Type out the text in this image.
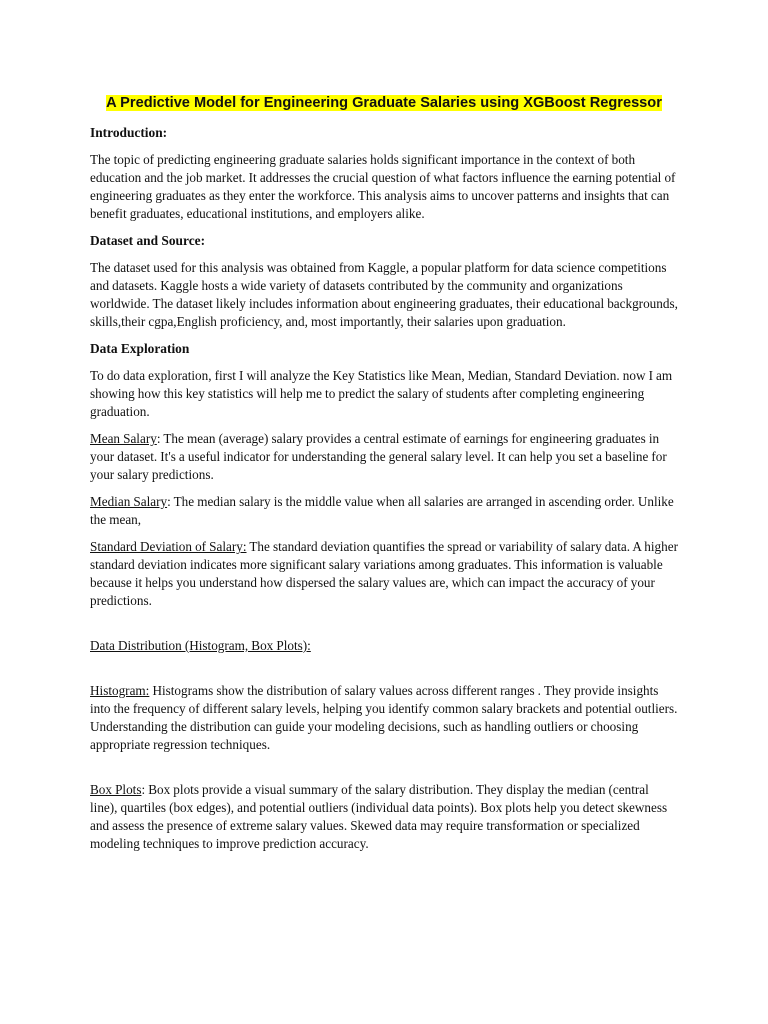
A Predictive Model for Engineering Graduate Salaries using XGBoost Regressor
Introduction:
The topic of predicting engineering graduate salaries holds significant importance in the context of both education and the job market. It addresses the crucial question of what factors influence the earning potential of engineering graduates as they enter the workforce. This analysis aims to uncover patterns and insights that can benefit graduates, educational institutions, and employers alike.
Dataset and Source:
The dataset used for this analysis was obtained from Kaggle, a popular platform for data science competitions and datasets. Kaggle hosts a wide variety of datasets contributed by the community and organizations worldwide. The dataset likely includes information about engineering graduates, their educational backgrounds, skills,their cgpa,English proficiency, and, most importantly, their salaries upon graduation.
Data Exploration
To do data exploration, first I will analyze the Key Statistics like Mean, Median, Standard Deviation. now I am showing how this key statistics will help me to predict the salary of students after completing engineering graduation.
Mean Salary: The mean (average) salary provides a central estimate of earnings for engineering graduates in your dataset. It's a useful indicator for understanding the general salary level. It can help you set a baseline for your salary predictions.
Median Salary: The median salary is the middle value when all salaries are arranged in ascending order. Unlike the mean,
Standard Deviation of Salary: The standard deviation quantifies the spread or variability of salary data. A higher standard deviation indicates more significant salary variations among graduates. This information is valuable because it helps you understand how dispersed the salary values are, which can impact the accuracy of your predictions.
Data Distribution (Histogram, Box Plots):
Histogram: Histograms show the distribution of salary values across different ranges . They provide insights into the frequency of different salary levels, helping you identify common salary brackets and potential outliers. Understanding the distribution can guide your modeling decisions, such as handling outliers or choosing appropriate regression techniques.
Box Plots: Box plots provide a visual summary of the salary distribution. They display the median (central line), quartiles (box edges), and potential outliers (individual data points). Box plots help you detect skewness and assess the presence of extreme salary values. Skewed data may require transformation or specialized modeling techniques to improve prediction accuracy.
